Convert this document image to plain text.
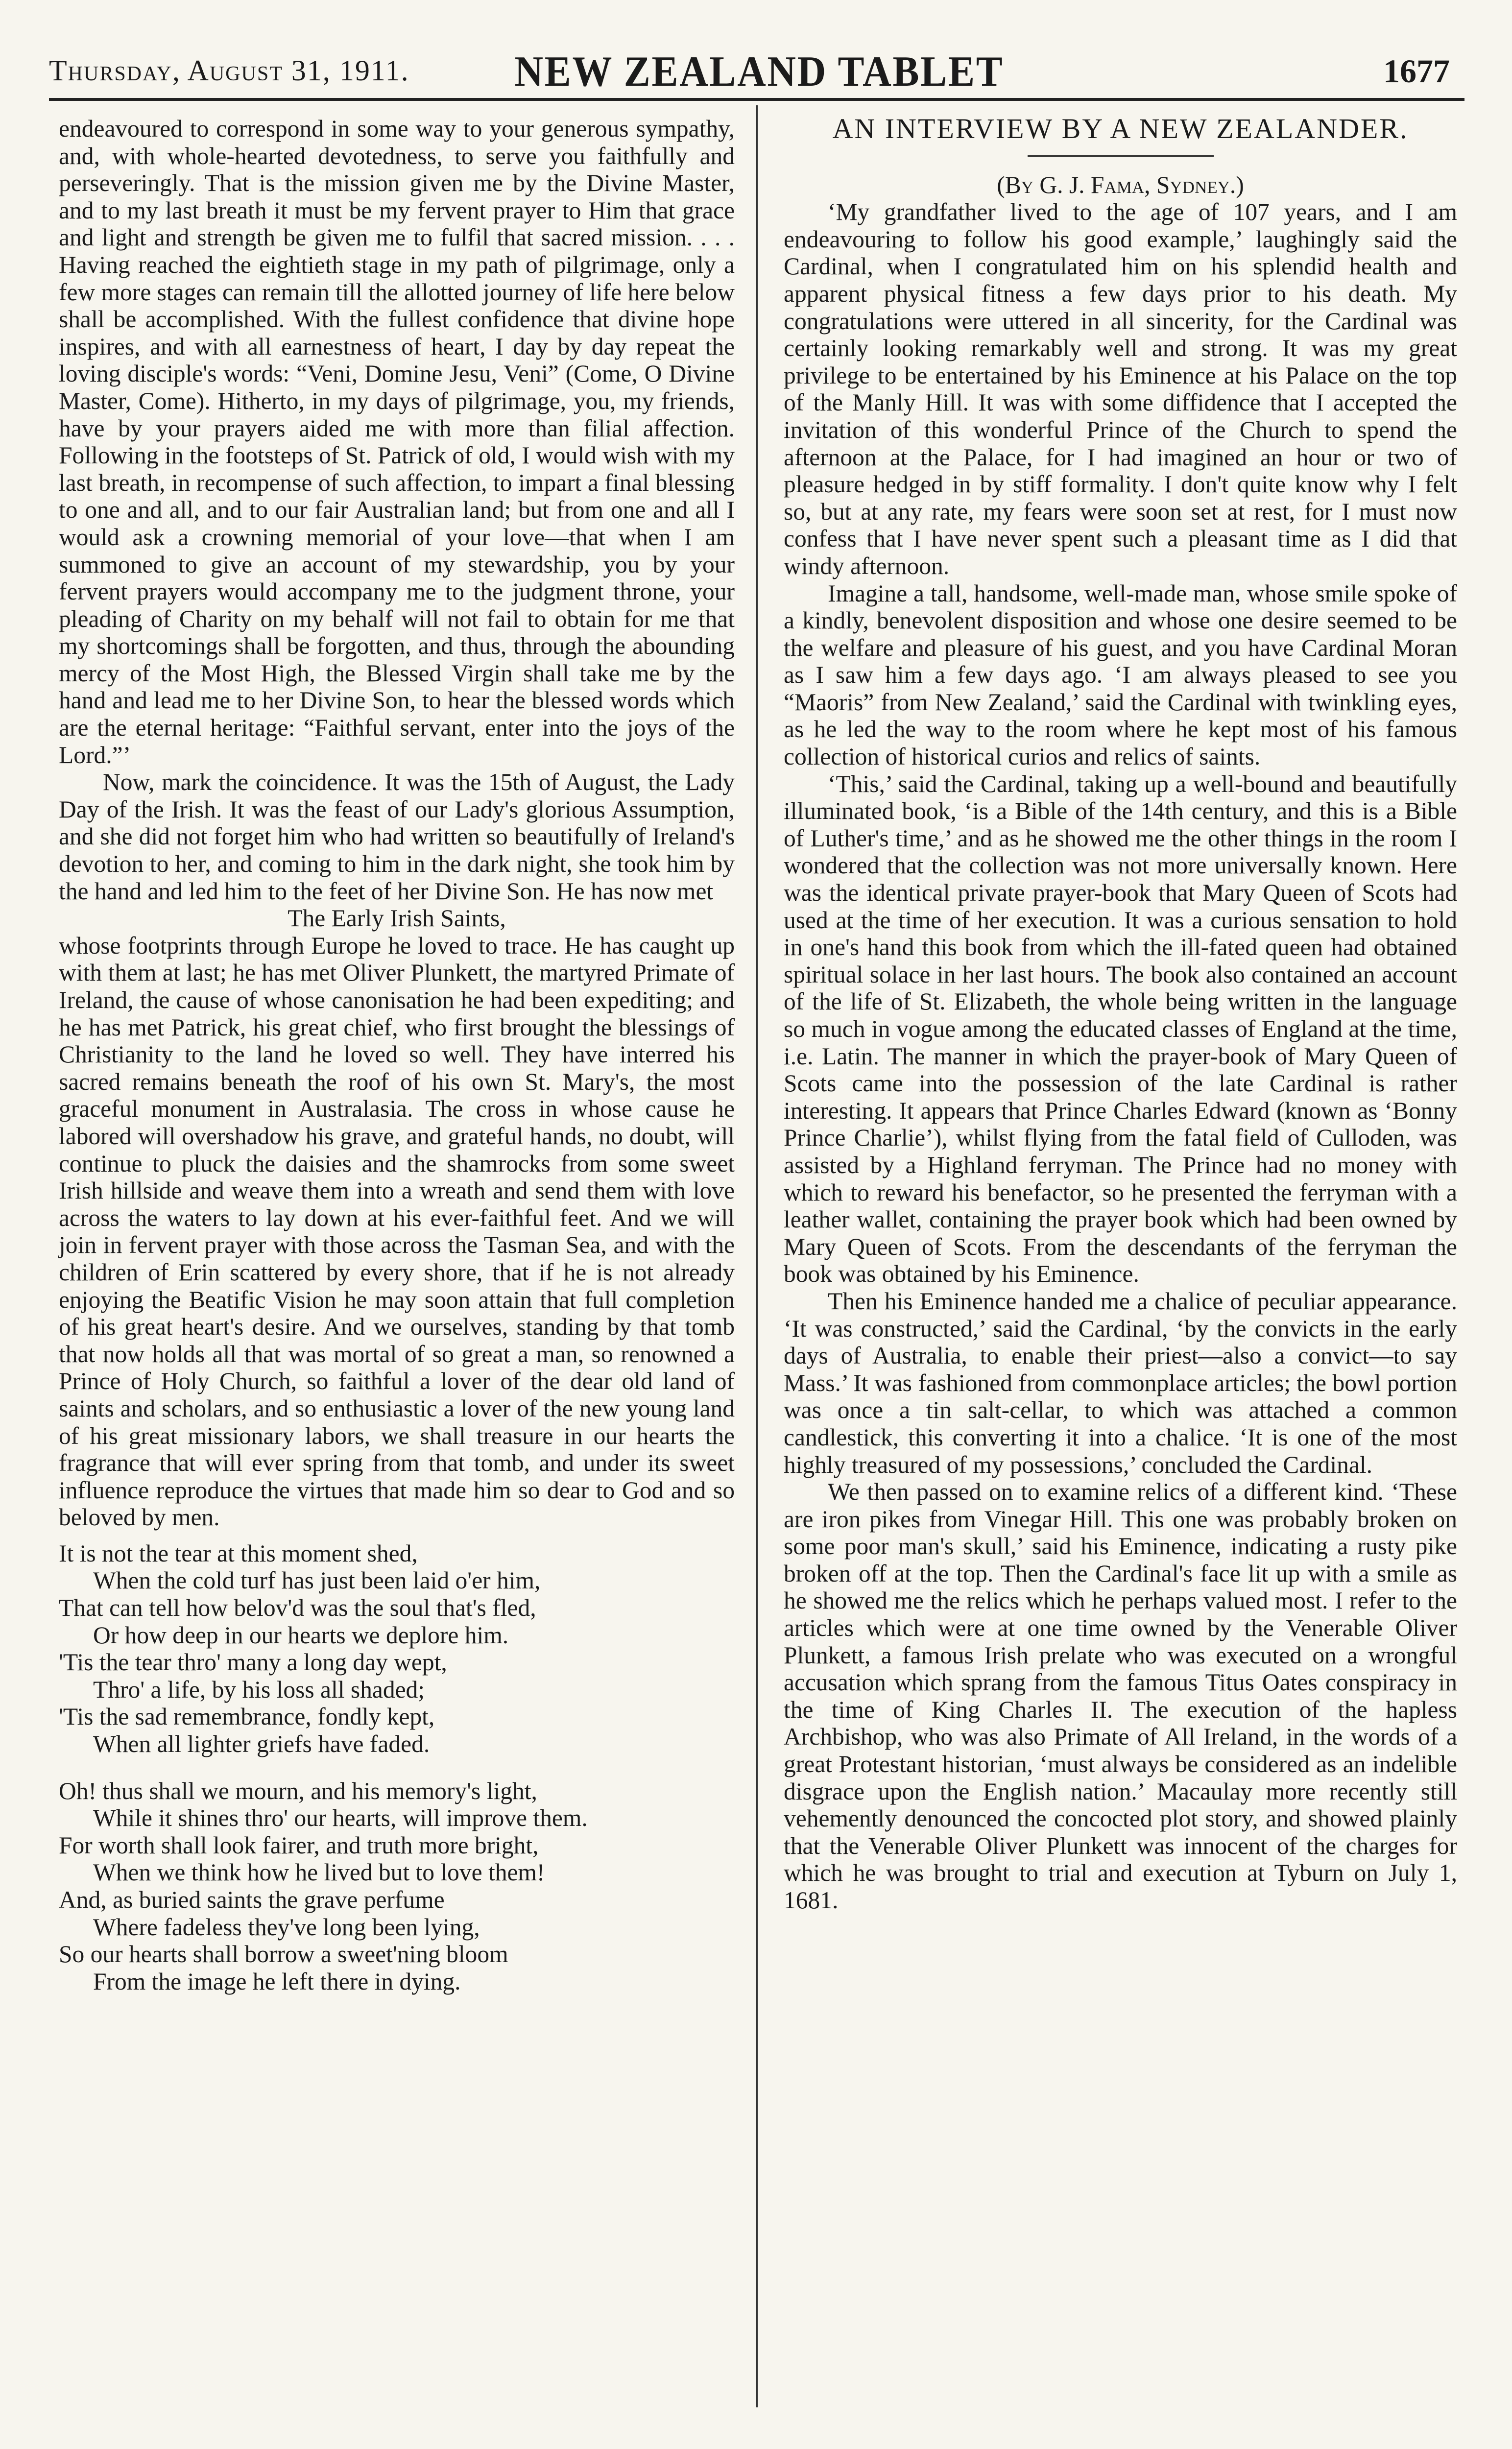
Thursday, August 31, 1911.	NEW ZEALAND TABLET	1677

endeavoured to correspond in some way to your generous sympathy, and, with whole-hearted devotedness, to serve you faithfully and perseveringly. That is the mission given me by the Divine Master, and to my last breath it must be my fervent prayer to Him that grace and light and strength be given me to fulfil that sacred mission. . . . Having reached the eightieth stage in my path of pilgrimage, only a few more stages can remain till the allotted journey of life here below shall be accomplished. With the fullest confidence that divine hope inspires, and with all earnestness of heart, I day by day repeat the loving disciple's words: “Veni, Domine Jesu, Veni” (Come, O Divine Master, Come). Hitherto, in my days of pilgrimage, you, my friends, have by your prayers aided me with more than filial affection. Following in the footsteps of St. Patrick of old, I would wish with my last breath, in recompense of such affection, to impart a final blessing to one and all, and to our fair Australian land; but from one and all I would ask a crowning memorial of your love—that when I am summoned to give an account of my stewardship, you by your fervent prayers would accompany me to the judgment throne, your pleading of Charity on my behalf will not fail to obtain for me that my shortcomings shall be forgotten, and thus, through the abounding mercy of the Most High, the Blessed Virgin shall take me by the hand and lead me to her Divine Son, to hear the blessed words which are the eternal heritage: “Faithful servant, enter into the joys of the Lord.”’

Now, mark the coincidence. It was the 15th of August, the Lady Day of the Irish. It was the feast of our Lady's glorious Assumption, and she did not forget him who had written so beautifully of Ireland's devotion to her, and coming to him in the dark night, she took him by the hand and led him to the feet of her Divine Son. He has now met

The Early Irish Saints,

whose footprints through Europe he loved to trace. He has caught up with them at last; he has met Oliver Plunkett, the martyred Primate of Ireland, the cause of whose canonisation he had been expediting; and he has met Patrick, his great chief, who first brought the blessings of Christianity to the land he loved so well. They have interred his sacred remains beneath the roof of his own St. Mary's, the most graceful monument in Australasia. The cross in whose cause he labored will overshadow his grave, and grateful hands, no doubt, will continue to pluck the daisies and the shamrocks from some sweet Irish hillside and weave them into a wreath and send them with love across the waters to lay down at his ever-faithful feet. And we will join in fervent prayer with those across the Tasman Sea, and with the children of Erin scattered by every shore, that if he is not already enjoying the Beatific Vision he may soon attain that full completion of his great heart's desire. And we ourselves, standing by that tomb that now holds all that was mortal of so great a man, so renowned a Prince of Holy Church, so faithful a lover of the dear old land of saints and scholars, and so enthusiastic a lover of the new young land of his great missionary labors, we shall treasure in our hearts the fragrance that will ever spring from that tomb, and under its sweet influence reproduce the virtues that made him so dear to God and so beloved by men.

It is not the tear at this moment shed,
When the cold turf has just been laid o'er him,
That can tell how belov'd was the soul that's fled,
Or how deep in our hearts we deplore him.
'Tis the tear thro' many a long day wept,
Thro' a life, by his loss all shaded;
'Tis the sad remembrance, fondly kept,
When all lighter griefs have faded.
Oh! thus shall we mourn, and his memory's light,
While it shines thro' our hearts, will improve them.
For worth shall look fairer, and truth more bright,
When we think how he lived but to love them!
And, as buried saints the grave perfume
Where fadeless they've long been lying,
So our hearts shall borrow a sweet'ning bloom
From the image he left there in dying.

AN INTERVIEW BY A NEW ZEALANDER.

(By G. J. Fama, Sydney.)

‘My grandfather lived to the age of 107 years, and I am endeavouring to follow his good example,’ laughingly said the Cardinal, when I congratulated him on his splendid health and apparent physical fitness a few days prior to his death. My congratulations were uttered in all sincerity, for the Cardinal was certainly looking remarkably well and strong. It was my great privilege to be entertained by his Eminence at his Palace on the top of the Manly Hill. It was with some diffidence that I accepted the invitation of this wonderful Prince of the Church to spend the afternoon at the Palace, for I had imagined an hour or two of pleasure hedged in by stiff formality. I don't quite know why I felt so, but at any rate, my fears were soon set at rest, for I must now confess that I have never spent such a pleasant time as I did that windy afternoon.

Imagine a tall, handsome, well-made man, whose smile spoke of a kindly, benevolent disposition and whose one desire seemed to be the welfare and pleasure of his guest, and you have Cardinal Moran as I saw him a few days ago. ‘I am always pleased to see you “Maoris” from New Zealand,’ said the Cardinal with twinkling eyes, as he led the way to the room where he kept most of his famous collection of historical curios and relics of saints.

‘This,’ said the Cardinal, taking up a well-bound and beautifully illuminated book, ‘is a Bible of the 14th century, and this is a Bible of Luther's time,’ and as he showed me the other things in the room I wondered that the collection was not more universally known. Here was the identical private prayer-book that Mary Queen of Scots had used at the time of her execution. It was a curious sensation to hold in one's hand this book from which the ill-fated queen had obtained spiritual solace in her last hours. The book also contained an account of the life of St. Elizabeth, the whole being written in the language so much in vogue among the educated classes of England at the time, i.e. Latin. The manner in which the prayer-book of Mary Queen of Scots came into the possession of the late Cardinal is rather interesting. It appears that Prince Charles Edward (known as ‘Bonny Prince Charlie’), whilst flying from the fatal field of Culloden, was assisted by a Highland ferryman. The Prince had no money with which to reward his benefactor, so he presented the ferryman with a leather wallet, containing the prayer book which had been owned by Mary Queen of Scots. From the descendants of the ferryman the book was obtained by his Eminence.

Then his Eminence handed me a chalice of peculiar appearance. ‘It was constructed,’ said the Cardinal, ‘by the convicts in the early days of Australia, to enable their priest—also a convict—to say Mass.’ It was fashioned from commonplace articles; the bowl portion was once a tin salt-cellar, to which was attached a common candlestick, this converting it into a chalice. ‘It is one of the most highly treasured of my possessions,’ concluded the Cardinal.

We then passed on to examine relics of a different kind. ‘These are iron pikes from Vinegar Hill. This one was probably broken on some poor man's skull,’ said his Eminence, indicating a rusty pike broken off at the top. Then the Cardinal's face lit up with a smile as he showed me the relics which he perhaps valued most. I refer to the articles which were at one time owned by the Venerable Oliver Plunkett, a famous Irish prelate who was executed on a wrongful accusation which sprang from the famous Titus Oates conspiracy in the time of King Charles II. The execution of the hapless Archbishop, who was also Primate of All Ireland, in the words of a great Protestant historian, ‘must always be considered as an indelible disgrace upon the English nation.’ Macaulay more recently still vehemently denounced the concocted plot story, and showed plainly that the Venerable Oliver Plunkett was innocent of the charges for which he was brought to trial and execution at Tyburn on July 1, 1681.
